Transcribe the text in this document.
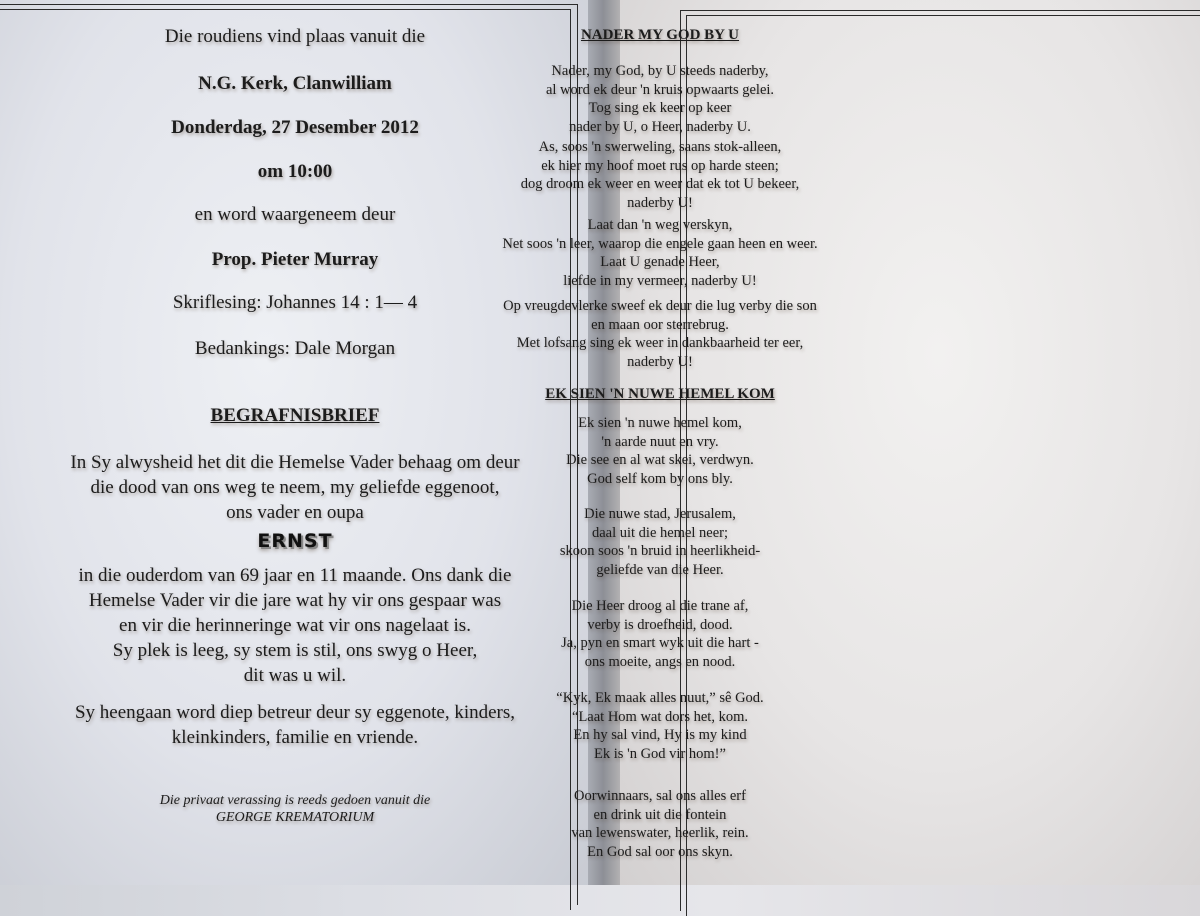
Die roudiens vind plaas vanuit die
N.G. Kerk, Clanwilliam
Donderdag, 27 Desember 2012
om 10:00
en word waargeneem deur
Prop. Pieter Murray
Skriflesing: Johannes 14 : 1— 4
Bedankings: Dale Morgan
BEGRAFNISBRIEF
In Sy alwysheid het dit die Hemelse Vader behaag om deur
die dood van ons weg te neem, my geliefde eggenoot,
ons vader en oupa
ERNST
in die ouderdom van 69 jaar en 11 maande. Ons dank die
Hemelse Vader vir die jare wat hy vir ons gespaar was
en vir die herinneringe wat vir ons nagelaat is.
Sy plek is leeg, sy stem is stil, ons swyg o Heer,
dit was u wil.
Sy heengaan word diep betreur deur sy eggenote, kinders,
kleinkinders, familie en vriende.
Die privaat verassing is reeds gedoen vanuit die
GEORGE KREMATORIUM
NADER MY GOD BY U
Nader, my God, by U steeds naderby,
al word ek deur 'n kruis opwaarts gelei.
Tog sing ek keer op keer
nader by U, o Heer, naderby U.
As, soos 'n swerweling, saans stok-alleen,
ek hier my hoof moet rus op harde steen;
dog droom ek weer en weer dat ek tot U bekeer,
naderby U!
Laat dan 'n weg verskyn,
Net soos 'n leer, waarop die engele gaan heen en weer.
Laat U genade Heer,
liefde in my vermeer, naderby U!
Op vreugdevlerke sweef ek deur die lug verby die son
en maan oor sterrebrug.
Met lofsang sing ek weer in dankbaarheid ter eer,
naderby U!
EK SIEN 'N NUWE HEMEL KOM
Ek sien 'n nuwe hemel kom,
'n aarde nuut en vry.
Die see en al wat skei, verdwyn.
God self kom by ons bly.
Die nuwe stad, Jerusalem,
daal uit die hemel neer;
skoon soos 'n bruid in heerlikheid-
geliefde van die Heer.
Die Heer droog al die trane af,
verby is droefheid, dood.
Ja, pyn en smart wyk uit die hart -
ons moeite, angs en nood.
“Kyk, Ek maak alles nuut,” sê God.
“Laat Hom wat dors het, kom.
En hy sal vind, Hy is my kind
Ek is 'n God vir hom!”
Oorwinnaars, sal ons alles erf
en drink uit die fontein
van lewenswater, heerlik, rein.
En God sal oor ons skyn.
